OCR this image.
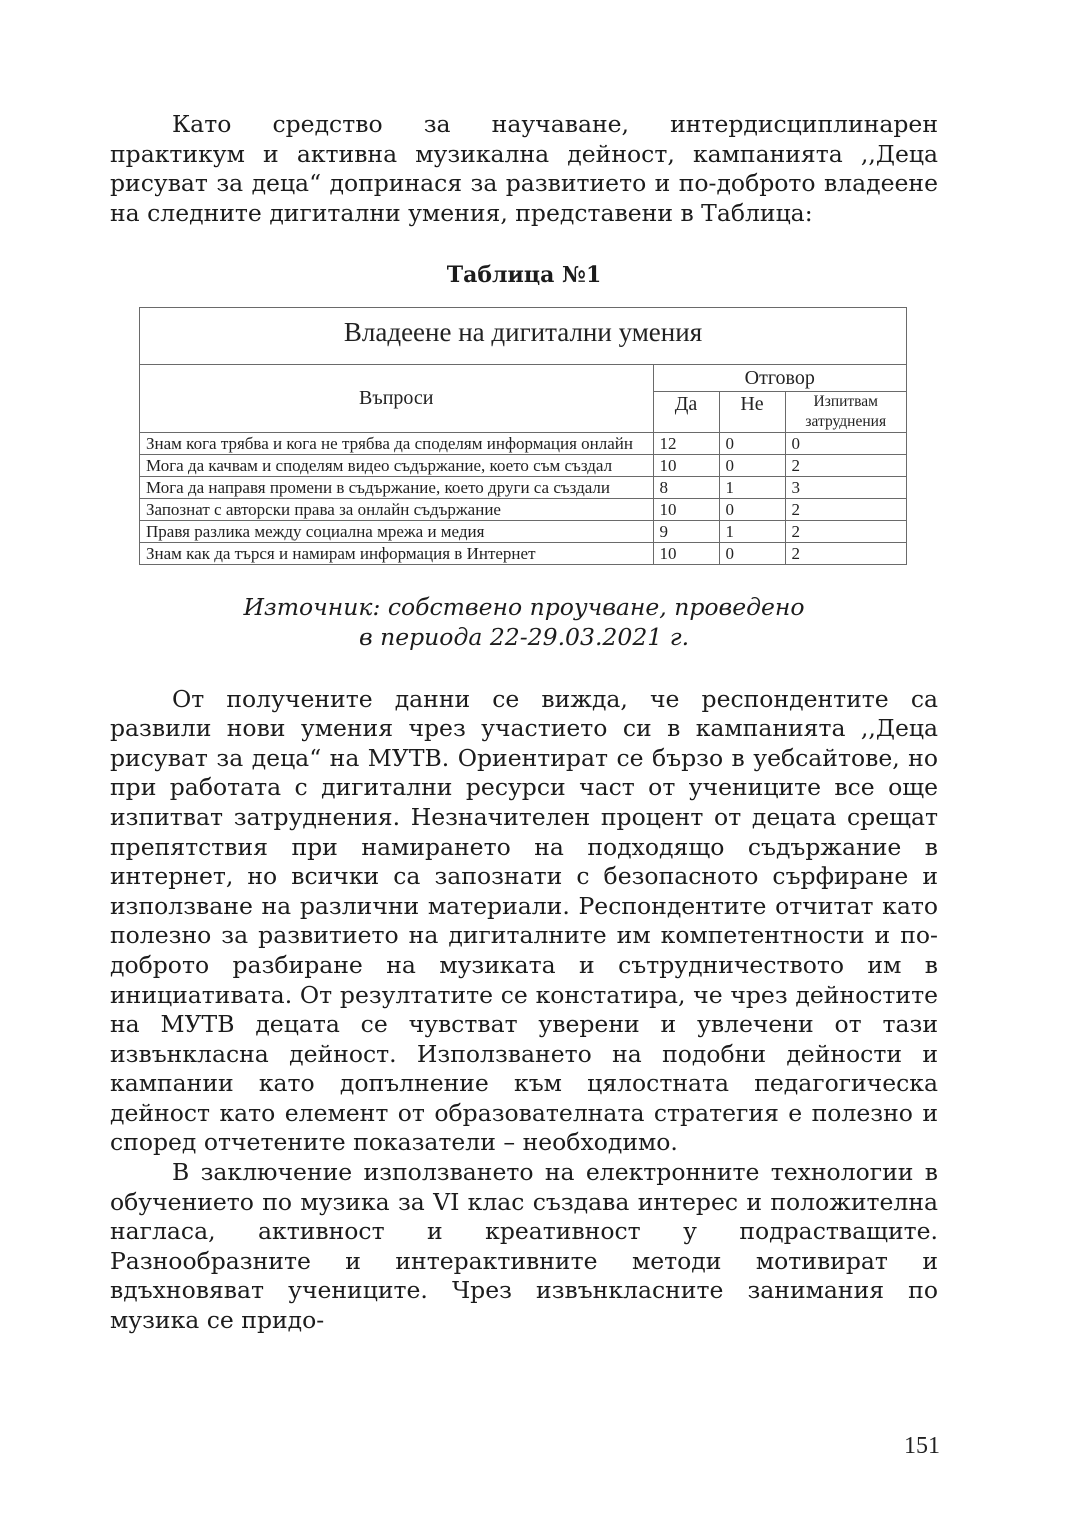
Като средство за научаване, интердисциплинарен практикум и активна музикална дейност, кампанията ,,Деца рисуват за деца“ допринася за развитието и по-доброто владеене на следните дигитални умения, представени в Таблица:

Таблица №1
Владеене на дигитални умения
Въпроси	Отговор		
	Да	Не	Изпитвам затруднения
Знам кога трябва и кога не трябва да споделям информация онлайн	12	0	0
Мога да качвам и споделям видео съдържание, което съм създал	10	0	2
Мога да направя промени в съдържание, което други са създали	8	1	3
Запознат с авторски права за онлайн съдържание	10	0	2
Правя разлика между социална мрежа и медия	9	1	2
Знам как да търся и намирам информация в Интернет	10	0	2
Източник: собствено проучване, проведено
в периода 22-29.03.2021 г.

От получените данни се вижда, че респондентите са развили нови умения чрез участието си в кампанията ,,Деца рисуват за деца“ на МУТВ. Ориентират се бързо в уебсайтове, но при работата с дигитални ресурси част от учениците все още изпитват затруднения. Незначителен процент от децата срещат препятствия при намирането на подходящо съдържание в интернет, но всички са запознати с безопасното сърфиране и използване на различни материали. Респондентите отчитат като полезно за развитието на дигиталните им компетентности и по-доброто разбиране на музиката и сътрудничеството им в инициативата. От резултатите се констатира, че чрез дейностите на МУТВ децата се чувстват уверени и увлечени от тази извънкласна дейност. Използването на подобни дейности и кампании като допълнение към цялостната педагогическа дейност като елемент от образователната стратегия е полезно и според отчетените показатели – необходимо.

В заключение използването на електронните технологии в обучението по музика за VI клас създава интерес и положителна нагласа, активност и креативност у подрастващите. Разнообразните и интерактивните методи мотивират и вдъхновяват учениците. Чрез извънкласните занимания по музика се придо-

151
